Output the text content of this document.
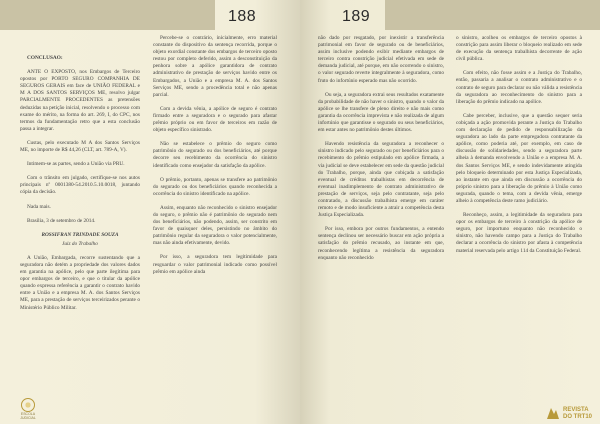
188

CONCLUSÃO:

ANTE O EXPOSTO, nos Embargos de Terceiro opostos por PORTO SEGURO COMPANHIA DE SEGUROS GERAIS em face de UNIÃO FEDERAL e M A DOS SANTOS SERVIÇOS ME, resolvo julgar PARCIALMENTE PROCEDENTES as pretensões deduzidas na petição inicial, resolvendo o processo com exame do mérito, na forma do art. 269, I, do CPC, nos termos da fundamentação retro que a esta conclusão passa a integrar.

Custas, pelo executado M A dos Santos Serviços ME, no importe de R$ 44,26 (CLT, art. 789-A, V).

Intimem-se as partes, sendo a União via PRU.

Com o trânsito em julgado, certifique-se nos autos principais nº 0001380-54.2010.5.10.0018, juntando cópia da decisão.

Nada mais.

Brasília, 3 de setembro de 2014.

ROSSIFRAN TRINDADE SOUZA

Juiz do Trabalho

A União, Embargada, recorre sustentando que a seguradora não detém a propriedade dos valores dados em garantia na apólice, pelo que parte ilegítima para opor embargos de terceiro, e que o titular da apólice quando expressa referência a garantir o contrato havido entre a União e a empresa M. A. dos Santos Serviços ME, para a prestação de serviços terceirizados perante o Ministério Público Militar.

Percebe-se o contrário, inicialmente, erro material constante do dispositivo da sentença recorrida, porque o objeto exordial constante dos embargos de terceiro oposto restou por completo deferido, assim a desconstituição da penhora sobre a apólice garantidora de contrato administrativo de prestação de serviços havido entre os Embargados, a União e a empresa M. A. dos Santos Serviços ME, sendo a procedência total e não apenas parcial.

Com a devida vênia, a apólice de seguro é contrato firmado entre a seguradora e o segurado para afastar prêmio próprio ou em favor de terceiros em razão de objeto específico sinistrado.

Não se estabelece o prêmio do seguro como patrimônio do segurado ou dos beneficiários, até porque decorre seu recebimento da ocorrência do sinistro identificado como ensejador da satisfação da apólice.

O prêmio, portanto, apenas se transfere ao patrimônio do segurado ou dos beneficiários quando reconhecida a ocorrência do sinistro identificado na apólice.

Assim, enquanto não reconhecido o sinistro ensejador do seguro, o prêmio não é patrimônio do segurado nem dos beneficiários, não podendo, assim, ser constrito em favor de quaisquer deles, persistindo no âmbito do patrimônio regular da seguradora o valor potencialmente, mas não ainda efetivamente, devido.

Por isso, a seguradora tem legitimidade para resguardar o valor patrimonial indicado como possível prêmio em apólice ainda

ESCOLA JUDICIAL
189

não dado por resgatado, por inexistir a transferência patrimonial em favor de segurado ou de beneficiários, assim inclusive podendo exibir mediante embargos de terceiro contra constrição judicial efetivada em sede de demanda judicial, até porque, em não ocorrendo o sinistro, o valor segurado reverte integralmente à seguradora, como fruto do infortúnio esperado mas não ocorrido.

Ou seja, a seguradora extrai seus resultados exatamente da probabilidade de não haver o sinistro, quando o valor da apólice se lhe transfere de pleno direito e não mais como garantia da ocorrência imprevista e não realizada de algum infortúnio que garantisse o segurado ou seus beneficiários, em estar antes no patrimônio destes últimos.

Havendo resistência da seguradora a reconhecer o sinistro indicado pelo segurado ou por beneficiários para o recebimento do prêmio estipulado em apólice firmada, a via judicial se deve estabelecer em sede da questão judicial do Trabalho, porque, ainda que cobiçada a satisfação eventual de créditos trabalhistas em decorrência de eventual inadimplemento de contrato administrativo de prestação de serviços, seja pelo contratante, seja pelo contratado, a discussão trabalhista emerge em caráter remoto e de modo insuficiente a atrair a competência desta Justiça Especializada.

Por isso, embora por outros fundamentos, a entendo sentença declinou ser necessário buscar em ação própria a satisfação do prêmio recusado, ao instante em que, reconhecendo legítima a resistência da seguradora enquanto não reconhecido

o sinistro, acolheu os embargos de terceiro opostos à constrição para assim liberar o bloqueio realizado em sede de execução da sentença trabalhista decorrente de ação civil pública.

Com efeito, não fosse assim e a Justiça do Trabalho, então, passaria a analisar o contrato administrativo e o contrato de seguro para declarar ou não válida a resistência da seguradora ao reconhecimento do sinistro para a liberação do prêmio indicado na apólice.

Cabe perceber, inclusive, que a questão sequer seria cobiçada a ação promovida perante a Justiça do Trabalho com declaração de pedido de responsabilização da seguradora ao lado da parte empregadora contratante da apólice, como poderia até, por exemplo, em caso de discussão de solidariedades, sendo a seguradora parte alheia à demanda envolvendo a União e a empresa M. A. dos Santos Serviços ME, e sendo indevidamente atingida pelo bloqueio determinado por esta Justiça Especializada, ao instante em que ainda em discussão a ocorrência do próprio sinistro para a liberação do prêmio à União como segurada, quando o tema, com a devida vênia, emerge alheio à competência deste ramo judiciário.

Reconheço, assim, a legitimidade da seguradora para opor os embargos de terceiro à constrição da apólice de seguro, por importuno enquanto não reconhecido o sinistro, não havendo campo para a Justiça do Trabalho declarar a ocorrência do sinistro por afasta à competência material reservada pelo artigo 114 da Constituição Federal.

REVISTA
DO TRT10
